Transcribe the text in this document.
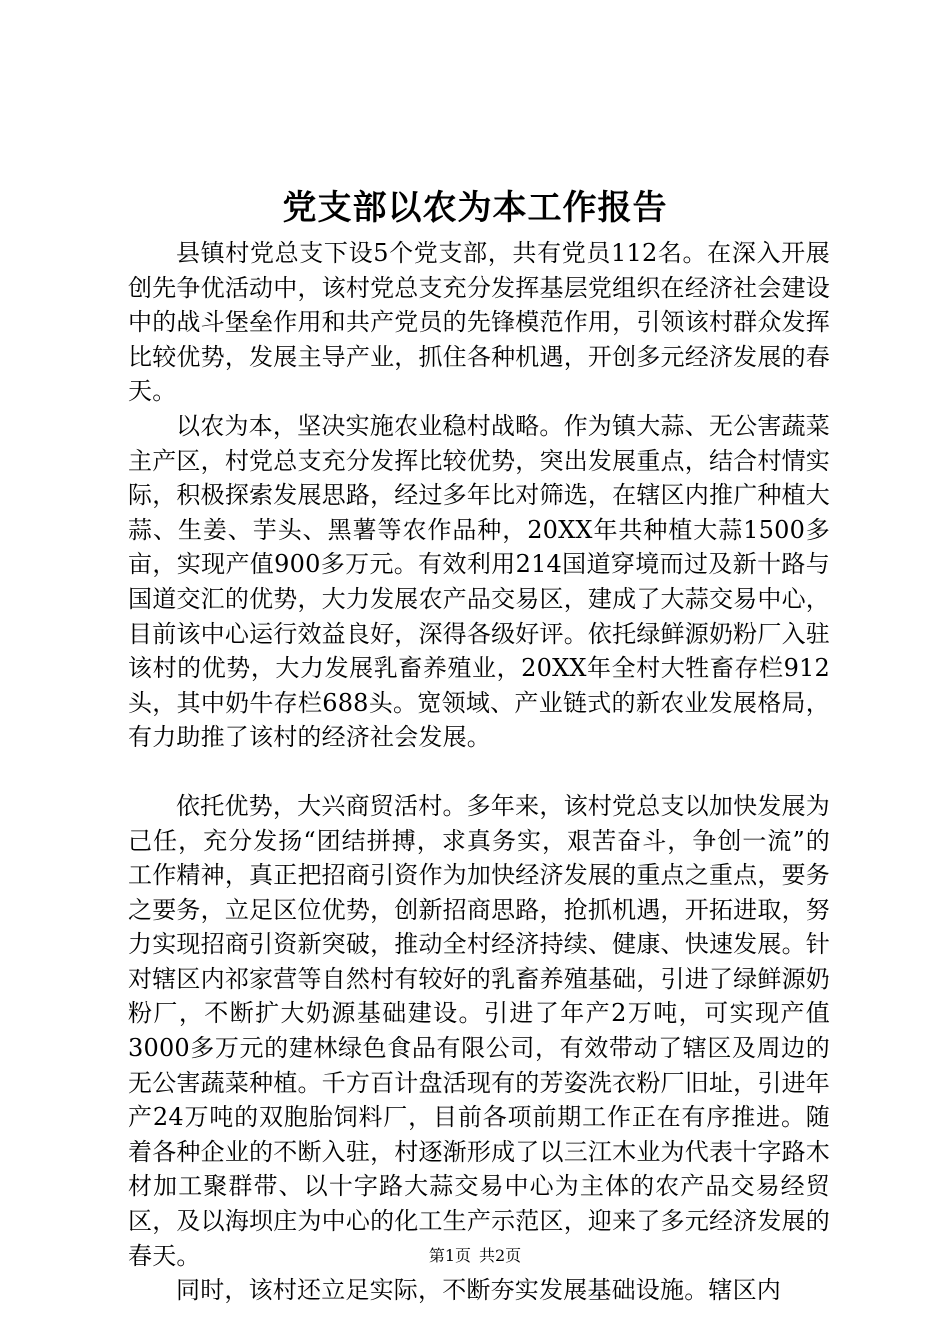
党支部以农为本工作报告

县镇村党总支下设5个党支部，共有党员112名。在深入开展创先争优活动中，该村党总支充分发挥基层党组织在经济社会建设中的战斗堡垒作用和共产党员的先锋模范作用，引领该村群众发挥比较优势，发展主导产业，抓住各种机遇，开创多元经济发展的春天。

以农为本，坚决实施农业稳村战略。作为镇大蒜、无公害蔬菜主产区，村党总支充分发挥比较优势，突出发展重点，结合村情实际，积极探索发展思路，经过多年比对筛选，在辖区内推广种植大蒜、生姜、芋头、黑薯等农作品种，20XX年共种植大蒜1500多亩，实现产值900多万元。有效利用214国道穿境而过及新十路与国道交汇的优势，大力发展农产品交易区，建成了大蒜交易中心，目前该中心运行效益良好，深得各级好评。依托绿鲜源奶粉厂入驻该村的优势，大力发展乳畜养殖业，20XX年全村大牲畜存栏912头，其中奶牛存栏688头。宽领域、产业链式的新农业发展格局，有力助推了该村的经济社会发展。

依托优势，大兴商贸活村。多年来，该村党总支以加快发展为己任，充分发扬“团结拼搏，求真务实，艰苦奋斗，争创一流”的工作精神，真正把招商引资作为加快经济发展的重点之重点，要务之要务，立足区位优势，创新招商思路，抢抓机遇，开拓进取，努力实现招商引资新突破，推动全村经济持续、健康、快速发展。针对辖区内祁家营等自然村有较好的乳畜养殖基础，引进了绿鲜源奶粉厂，不断扩大奶源基础建设。引进了年产2万吨，可实现产值3000多万元的建林绿色食品有限公司，有效带动了辖区及周边的无公害蔬菜种植。千方百计盘活现有的芳姿洗衣粉厂旧址，引进年产24万吨的双胞胎饲料厂，目前各项前期工作正在有序推进。随着各种企业的不断入驻，村逐渐形成了以三江木业为代表十字路木材加工聚群带、以十字路大蒜交易中心为主体的农产品交易经贸区，及以海坝庄为中心的化工生产示范区，迎来了多元经济发展的春天。

同时，该村还立足实际，不断夯实发展基础设施。辖区内

第1页 共2页
